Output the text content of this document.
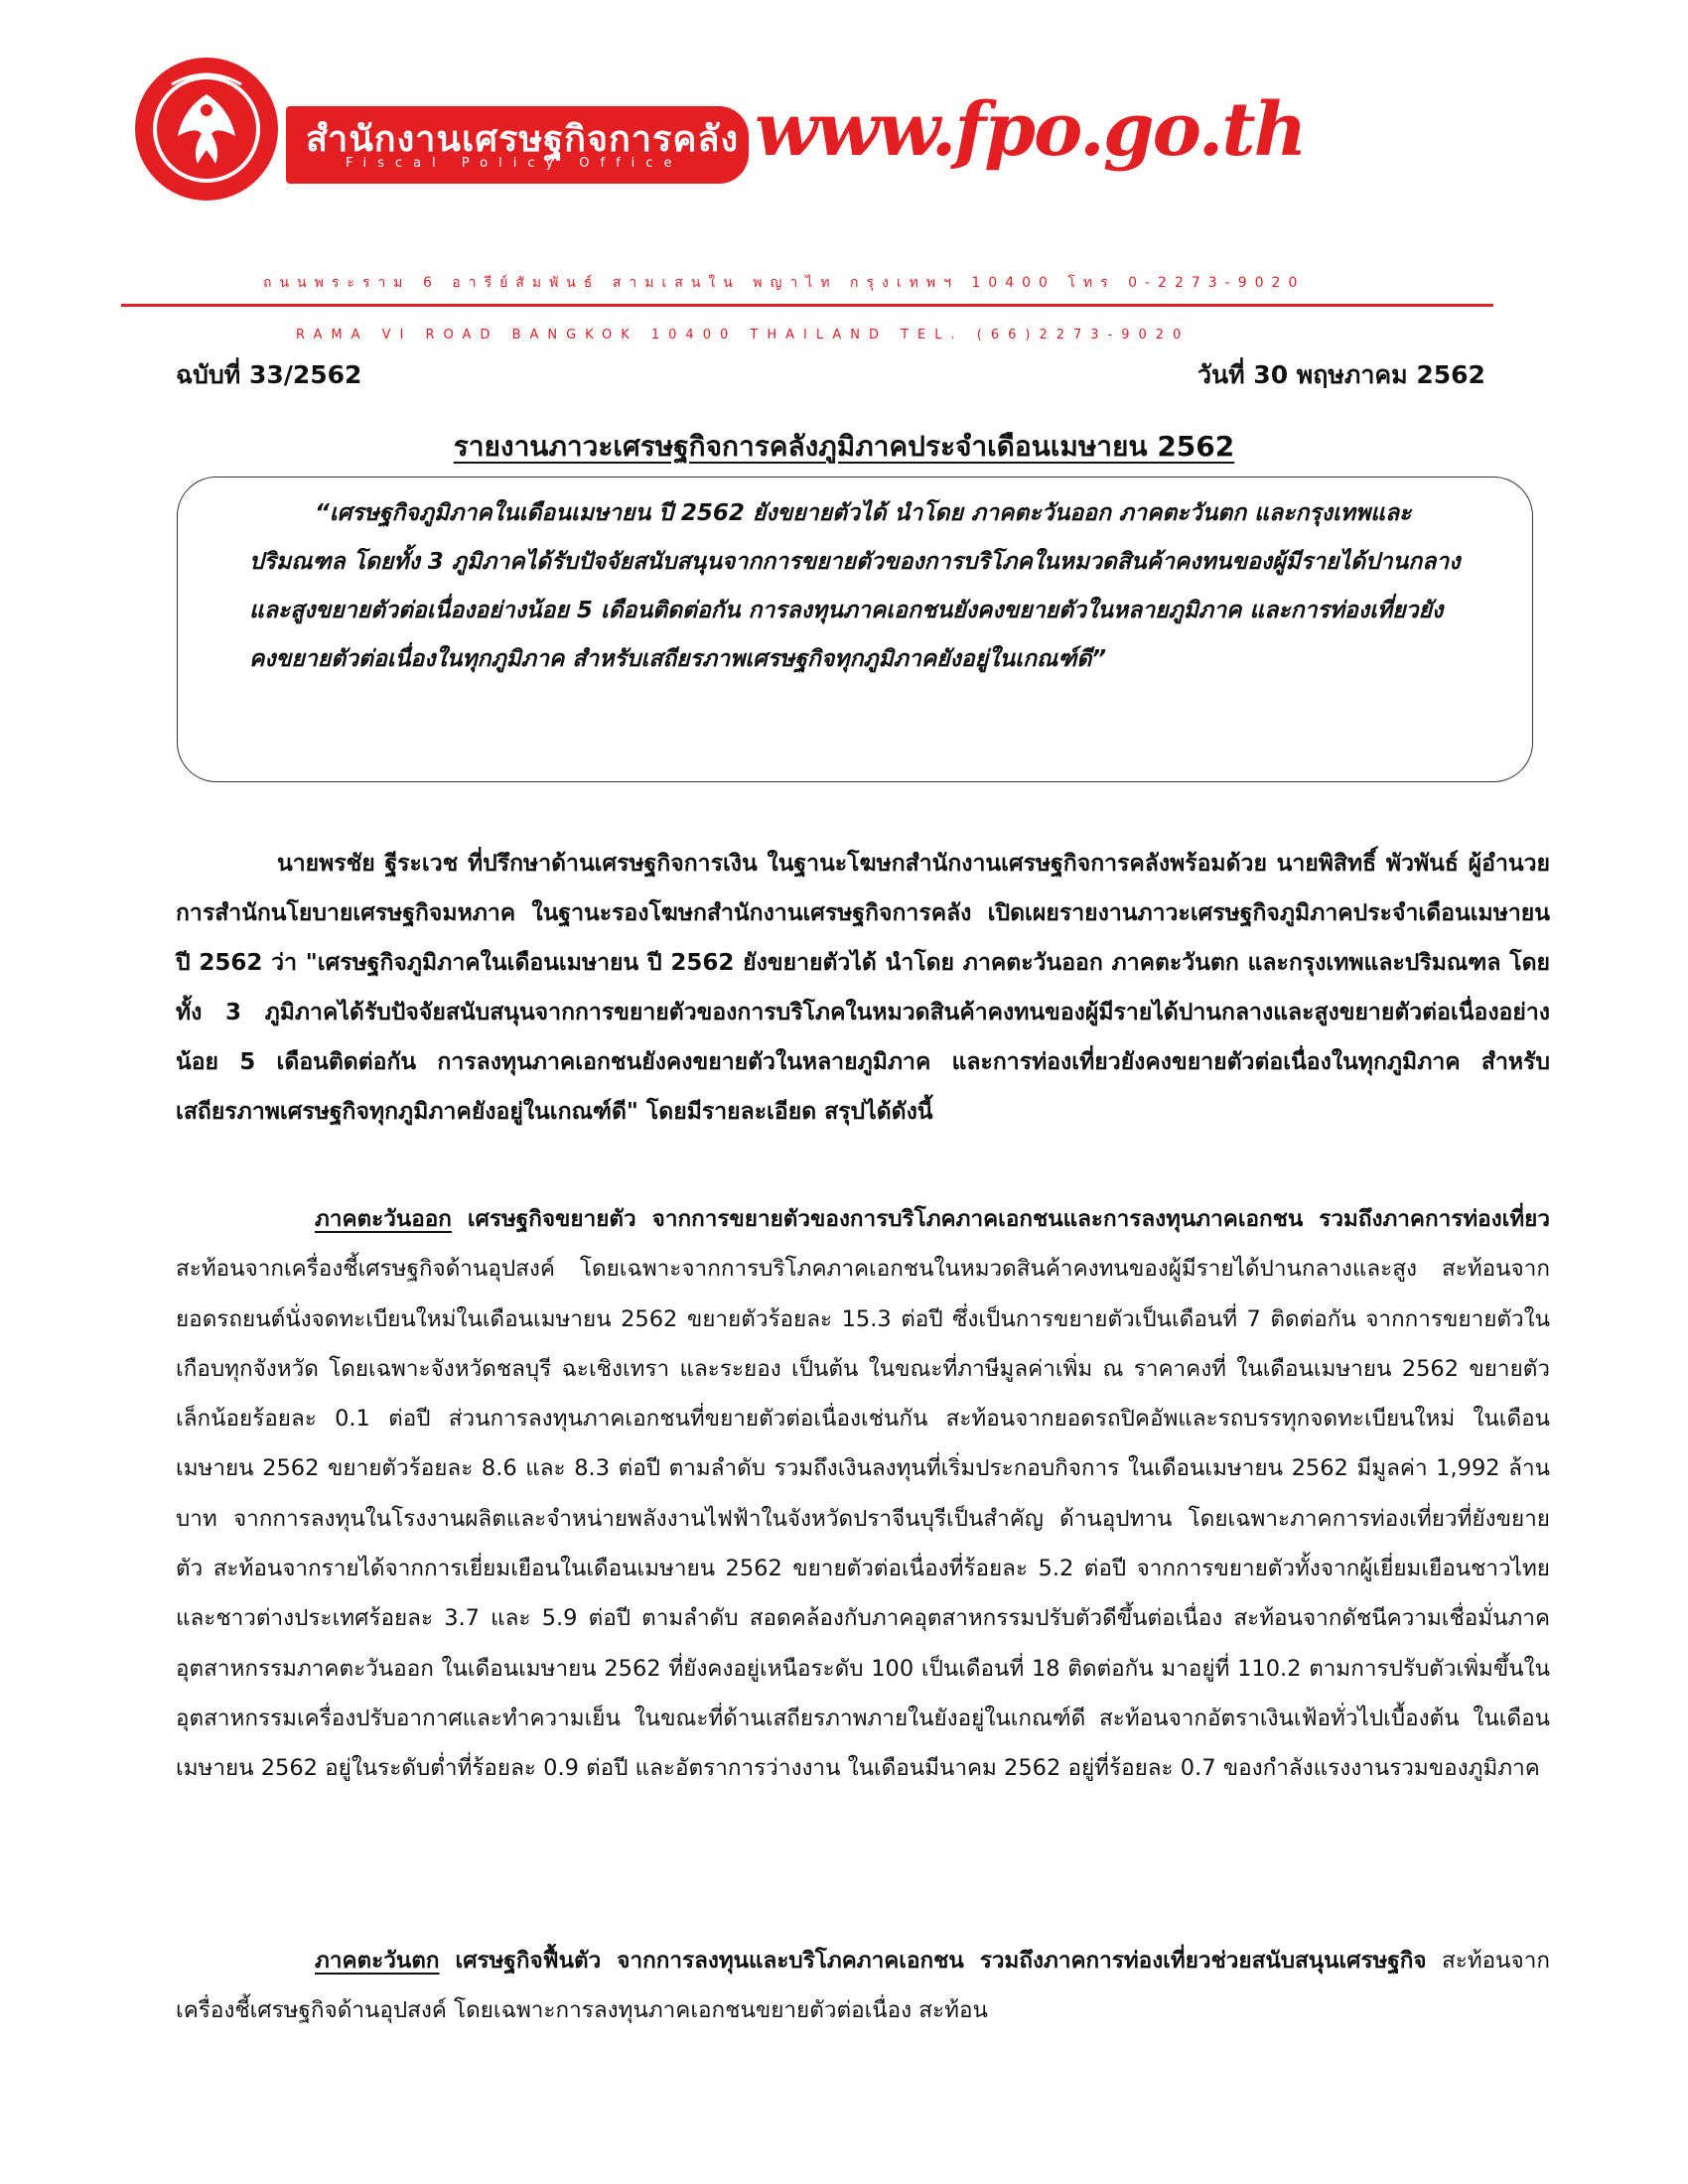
สำนักงานเศรษฐกิจการคลัง
Fiscal Policy Office www.fpo.go.th
ถนนพระราม 6 อารีย์สัมพันธ์ สามเสนใน พญาไท กรุงเทพฯ 10400 โทร 0-2273-9020
RAMA VI ROAD BANGKOK 10400 THAILAND TEL. (66)2273-9020
ฉบับที่ 33/2562	วันที่ 30 พฤษภาคม 2562
รายงานภาวะเศรษฐกิจการคลังภูมิภาคประจำเดือนเมษายน 2562
“เศรษฐกิจภูมิภาคในเดือนเมษายน ปี 2562 ยังขยายตัวได้ นำโดย ภาคตะวันออก ภาคตะวันตก และกรุงเทพและปริมณฑล โดยทั้ง 3 ภูมิภาคได้รับปัจจัยสนับสนุนจากการขยายตัวของการบริโภคในหมวดสินค้าคงทนของผู้มีรายได้ปานกลางและสูงขยายตัวต่อเนื่องอย่างน้อย 5 เดือนติดต่อกัน การลงทุนภาคเอกชนยังคงขยายตัวในหลายภูมิภาค และการท่องเที่ยวยังคงขยายตัวต่อเนื่องในทุกภูมิภาค สำหรับเสถียรภาพเศรษฐกิจทุกภูมิภาคยังอยู่ในเกณฑ์ดี”
นายพรชัย ฐีระเวช ที่ปรึกษาด้านเศรษฐกิจการเงิน ในฐานะโฆษกสำนักงานเศรษฐกิจการคลังพร้อมด้วย นายพิสิทธิ์ พัวพันธ์ ผู้อำนวยการสำนักนโยบายเศรษฐกิจมหภาค ในฐานะรองโฆษกสำนักงานเศรษฐกิจการคลัง เปิดเผยรายงานภาวะเศรษฐกิจภูมิภาคประจำเดือนเมษายน ปี 2562 ว่า "เศรษฐกิจภูมิภาคในเดือนเมษายน ปี 2562 ยังขยายตัวได้ นำโดย ภาคตะวันออก ภาคตะวันตก และกรุงเทพและปริมณฑล โดยทั้ง 3 ภูมิภาคได้รับปัจจัยสนับสนุนจากการขยายตัวของการบริโภคในหมวดสินค้าคงทนของผู้มีรายได้ปานกลางและสูงขยายตัวต่อเนื่องอย่างน้อย 5 เดือนติดต่อกัน การลงทุนภาคเอกชนยังคงขยายตัวในหลายภูมิภาค และการท่องเที่ยวยังคงขยายตัวต่อเนื่องในทุกภูมิภาค สำหรับเสถียรภาพเศรษฐกิจทุกภูมิภาคยังอยู่ในเกณฑ์ดี" โดยมีรายละเอียด สรุปได้ดังนี้
ภาคตะวันออก เศรษฐกิจขยายตัว จากการขยายตัวของการบริโภคภาคเอกชนและการลงทุนภาคเอกชน รวมถึงภาคการท่องเที่ยว สะท้อนจากเครื่องชี้เศรษฐกิจด้านอุปสงค์ โดยเฉพาะจากการบริโภคภาคเอกชนในหมวดสินค้าคงทนของผู้มีรายได้ปานกลางและสูง สะท้อนจากยอดรถยนต์นั่งจดทะเบียนใหม่ในเดือนเมษายน 2562 ขยายตัวร้อยละ 15.3 ต่อปี ซึ่งเป็นการขยายตัวเป็นเดือนที่ 7 ติดต่อกัน จากการขยายตัวในเกือบทุกจังหวัด โดยเฉพาะจังหวัดชลบุรี ฉะเชิงเทรา และระยอง เป็นต้น ในขณะที่ภาษีมูลค่าเพิ่ม ณ ราคาคงที่ ในเดือนเมษายน 2562 ขยายตัวเล็กน้อยร้อยละ 0.1 ต่อปี ส่วนการลงทุนภาคเอกชนที่ขยายตัวต่อเนื่องเช่นกัน สะท้อนจากยอดรถปิคอัพและรถบรรทุกจดทะเบียนใหม่ ในเดือนเมษายน 2562 ขยายตัวร้อยละ 8.6 และ 8.3 ต่อปี ตามลำดับ รวมถึงเงินลงทุนที่เริ่มประกอบกิจการ ในเดือนเมษายน 2562 มีมูลค่า 1,992 ล้านบาท จากการลงทุนในโรงงานผลิตและจำหน่ายพลังงานไฟฟ้าในจังหวัดปราจีนบุรีเป็นสำคัญ ด้านอุปทาน โดยเฉพาะภาคการท่องเที่ยวที่ยังขยายตัว สะท้อนจากรายได้จากการเยี่ยมเยือนในเดือนเมษายน 2562 ขยายตัวต่อเนื่องที่ร้อยละ 5.2 ต่อปี จากการขยายตัวทั้งจากผู้เยี่ยมเยือนชาวไทยและชาวต่างประเทศร้อยละ 3.7 และ 5.9 ต่อปี ตามลำดับ สอดคล้องกับภาคอุตสาหกรรมปรับตัวดีขึ้นต่อเนื่อง สะท้อนจากดัชนีความเชื่อมั่นภาคอุตสาหกรรมภาคตะวันออก ในเดือนเมษายน 2562 ที่ยังคงอยู่เหนือระดับ 100 เป็นเดือนที่ 18 ติดต่อกัน มาอยู่ที่ 110.2 ตามการปรับตัวเพิ่มขึ้นในอุตสาหกรรมเครื่องปรับอากาศและทำความเย็น ในขณะที่ด้านเสถียรภาพภายในยังอยู่ในเกณฑ์ดี สะท้อนจากอัตราเงินเฟ้อทั่วไปเบื้องต้น ในเดือนเมษายน 2562 อยู่ในระดับต่ำที่ร้อยละ 0.9 ต่อปี และอัตราการว่างงาน ในเดือนมีนาคม 2562 อยู่ที่ร้อยละ 0.7 ของกำลังแรงงานรวมของภูมิภาค
ภาคตะวันตก เศรษฐกิจฟื้นตัว จากการลงทุนและบริโภคภาคเอกชน รวมถึงภาคการท่องเที่ยวช่วยสนับสนุนเศรษฐกิจ สะท้อนจากเครื่องชี้เศรษฐกิจด้านอุปสงค์ โดยเฉพาะการลงทุนภาคเอกชนขยายตัวต่อเนื่อง สะท้อน
